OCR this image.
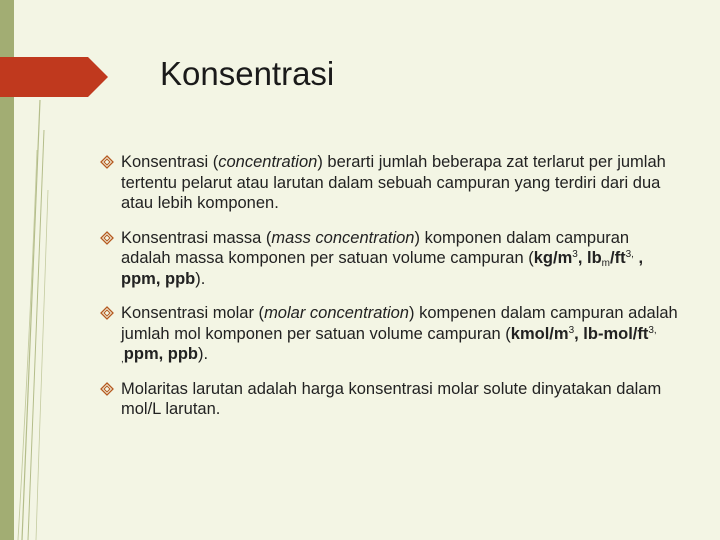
Konsentrasi
Konsentrasi (concentration) berarti jumlah beberapa zat terlarut per jumlah tertentu pelarut atau larutan dalam sebuah campuran yang terdiri dari dua atau lebih komponen.
Konsentrasi massa (mass concentration) komponen dalam campuran adalah massa komponen per satuan volume campuran ($kg/m^3$, $lb_m/ft^{3,}$ , ppm, ppb).
Konsentrasi molar (molar concentration) kompenen dalam campuran adalah jumlah mol komponen per satuan volume campuran ($kmol/m^3$, $lb-mol/ft^{3,}$ $_,$ppm, ppb).
Molaritas larutan adalah harga konsentrasi molar solute dinyatakan dalam mol/L larutan.
